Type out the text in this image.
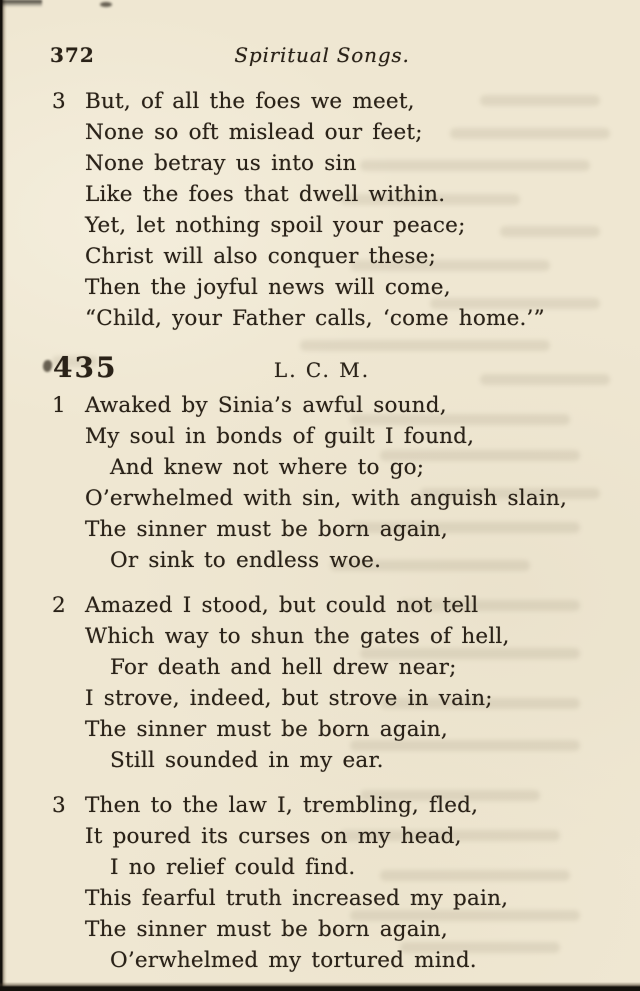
372	Spiritual Songs.
3 But, of all the foes we meet,
None so oft mislead our feet;
None betray us into sin
Like the foes that dwell within.
Yet, let nothing spoil your peace;
Christ will also conquer these;
Then the joyful news will come,
“Child, your Father calls, ‘come home.’”
435	L. C. M.
1 Awaked by Sinia’s awful sound,
My soul in bonds of guilt I found,
And knew not where to go;
O’erwhelmed with sin, with anguish slain,
The sinner must be born again,
Or sink to endless woe.
2 Amazed I stood, but could not tell
Which way to shun the gates of hell,
For death and hell drew near;
I strove, indeed, but strove in vain;
The sinner must be born again,
Still sounded in my ear.
3 Then to the law I, trembling, fled,
It poured its curses on my head,
I no relief could find.
This fearful truth increased my pain,
The sinner must be born again,
O’erwhelmed my tortured mind.
